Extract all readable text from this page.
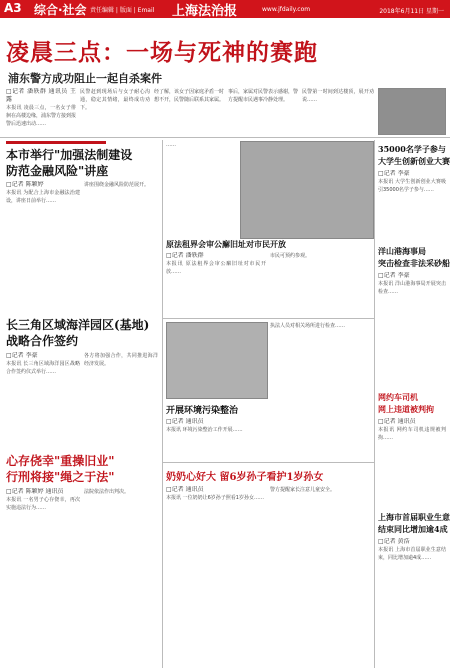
A3 综合·社会 责任编辑 | 版面 | Email 上海法治报	www.jfdaily.com	2018年6月11日 星期一
凌晨三点：一场与死神的赛跑
浦东警方成功阻止一起自杀案件
□记者 潘轶群 通讯员 王露
本报讯 凌晨三点，一名女子徘徊在高楼边缘，浦东警方接到报警后迅速出动……
民警赶到现场后与女子耐心沟通，稳定其情绪，最终成功劝下。
经了解，该女子因家庭矛盾一时想不开，民警随后联系其家属。
事后，家属对民警表示感谢，警方提醒市民遇事冷静处理。
民警第一时间到达楼顶，展开劝说……
本市举行"加强法制建设
防范金融风险"讲座
□记者 陈颖婷
本报讯 为配合上海市金融法治建设，讲座日前举行……
讲座围绕金融风险防范展开。
长三角区域海洋园区(基地)
战略合作签约
□记者 李豪
本报讯 长三角区域海洋园区战略合作签约仪式举行……
各方将加强合作，共同推进海洋经济发展。
心存侥幸"重操旧业"
行刑将接"绳之于法"
□记者 陈颖婷 通讯员
本报讯 一名男子心存侥幸，再次实施违法行为……
法院依法作出判决。
……
原法租界会审公廨旧址对市民开放
□记者 潘轶群
本报讯 原法租界会审公廨旧址对市民开放……
市民可预约参观。
开展环境污染整治
□记者 通讯员
本报讯 环境污染整治工作开展……
执法人员对相关场所进行检查……
奶奶心好大 留6岁孙子看护1岁孙女
□记者 通讯员
本报讯 一位奶奶让6岁孙子照看1岁孙女……
警方提醒家长注意儿童安全。
35000名学子参与
大学生创新创业大赛
□记者 李豪
本报讯 大学生创新创业大赛吸引35000名学子参与……
洋山港海事局
突击检查非法采砂船
□记者 李豪
本报讯 洋山港海事局开展突击检查……
网约车司机
网上违道被判拘
□记者 通讯员
本报讯 网约车司机违规被判拘……
上海市首届职业生意
结束同比增加逾4成
□记者 黄浩
本报讯 上海市首届职业生意结束，同比增加逾4成……
